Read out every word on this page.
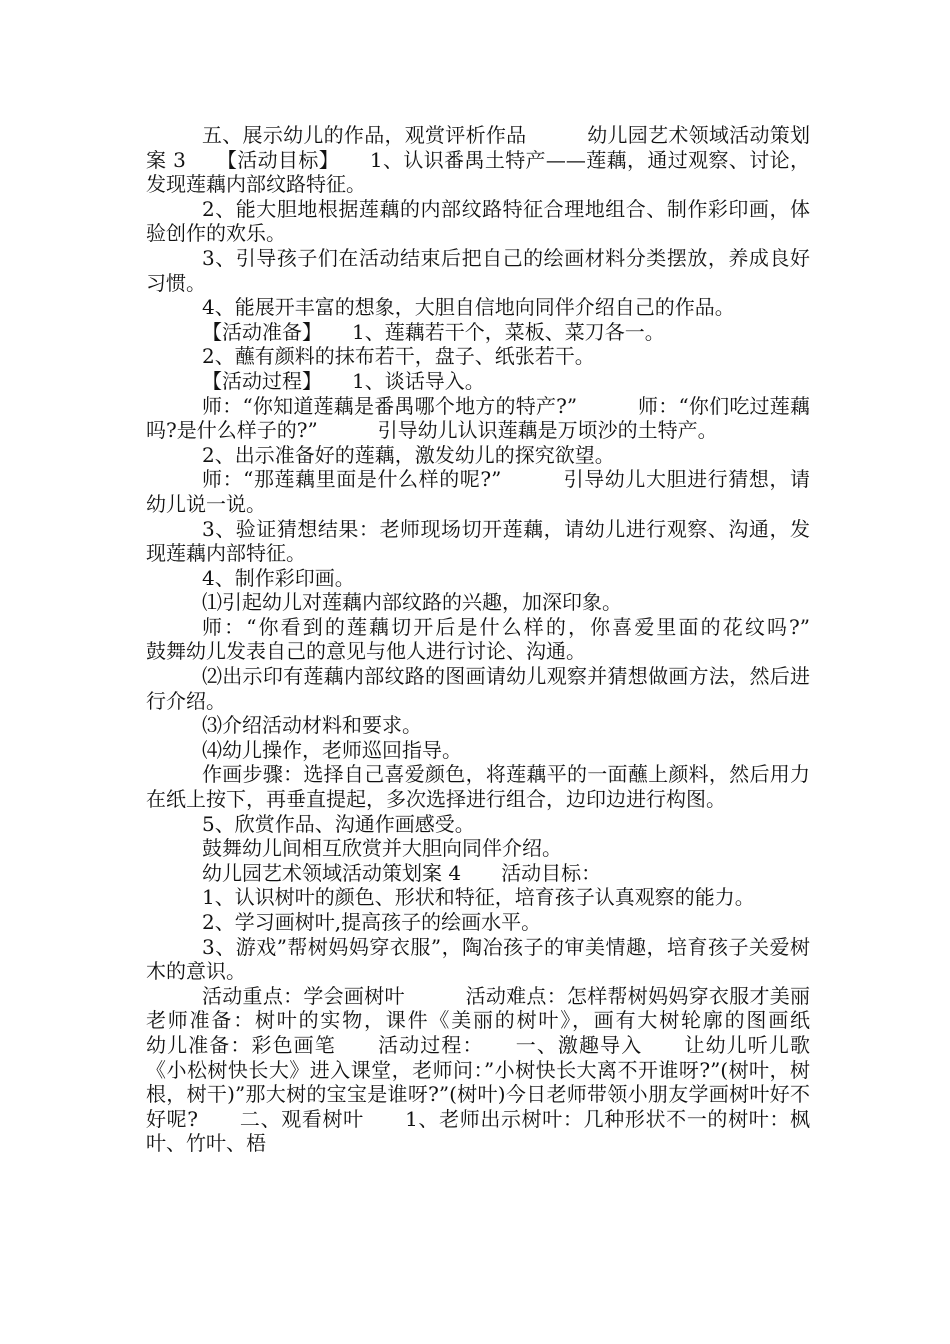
五、展示幼儿的作品，观赏评析作品　　　幼儿园艺术领域活动策划案 3　　【活动目标】　　1、认识番禺土特产——莲藕，通过观察、讨论，发现莲藕内部纹路特征。

2、能大胆地根据莲藕的内部纹路特征合理地组合、制作彩印画，体验创作的欢乐。

3、引导孩子们在活动结束后把自己的绘画材料分类摆放，养成良好习惯。

4、能展开丰富的想象，大胆自信地向同伴介绍自己的作品。

【活动准备】　　1、莲藕若干个，菜板、菜刀各一。

2、蘸有颜料的抹布若干，盘子、纸张若干。

【活动过程】　　1、谈话导入。

师：“你知道莲藕是番禺哪个地方的特产?”　　　师：“你们吃过莲藕吗?是什么样子的?”　　　引导幼儿认识莲藕是万顷沙的土特产。

2、出示准备好的莲藕，激发幼儿的探究欲望。

师：“那莲藕里面是什么样的呢?”　　　引导幼儿大胆进行猜想，请幼儿说一说。

3、验证猜想结果：老师现场切开莲藕，请幼儿进行观察、沟通，发现莲藕内部特征。

4、制作彩印画。

⑴引起幼儿对莲藕内部纹路的兴趣，加深印象。

师：“你看到的莲藕切开后是什么样的，你喜爱里面的花纹吗?”　　鼓舞幼儿发表自己的意见与他人进行讨论、沟通。

⑵出示印有莲藕内部纹路的图画请幼儿观察并猜想做画方法，然后进行介绍。

⑶介绍活动材料和要求。

⑷幼儿操作，老师巡回指导。

作画步骤：选择自己喜爱颜色，将莲藕平的一面蘸上颜料，然后用力在纸上按下，再垂直提起，多次选择进行组合，边印边进行构图。

5、欣赏作品、沟通作画感受。

鼓舞幼儿间相互欣赏并大胆向同伴介绍。

幼儿园艺术领域活动策划案 4　　活动目标：

1、认识树叶的颜色、形状和特征，培育孩子认真观察的能力。

2、学习画树叶,提高孩子的绘画水平。

3、游戏”帮树妈妈穿衣服”，陶冶孩子的审美情趣，培育孩子关爱树木的意识。

活动重点：学会画树叶　　　活动难点：怎样帮树妈妈穿衣服才美丽　　老师准备：树叶的实物，课件《美丽的树叶》，画有大树轮廓的图画纸　　幼儿准备：彩色画笔　　活动过程：　　一、激趣导入　　让幼儿听儿歌《小松树快长大》进入课堂，老师问：”小树快长大离不开谁呀?”(树叶，树根，树干)”那大树的宝宝是谁呀?”(树叶)今日老师带领小朋友学画树叶好不好呢?　　二、观看树叶　　1、老师出示树叶：几种形状不一的树叶：枫叶、竹叶、梧
